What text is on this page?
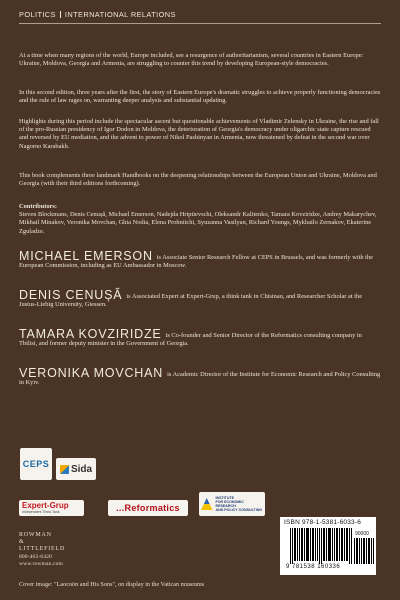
POLITICS INTERNATIONAL RELATIONS

At a time when many regions of the world, Europe included, see a resurgence of authoritarianism, several countries in Eastern Europe: Ukraine, Moldova, Georgia and Armenia, are struggling to counter this trend by developing European-style democracies.

In this second edition, three years after the first, the story of Eastern Europe's dramatic struggles to achieve properly functioning democracies and the rule of law rages on, warranting deeper analysis and substantial updating.

Highlights during this period include the spectacular ascent but questionable achievements of Vladimir Zelensky in Ukraine, the rise and fall of the pro-Russian presidency of Igor Dodon in Moldova, the deterioration of Georgia's democracy under oligarchic state capture rescued and reversed by EU mediation, and the advent to power of Nikol Pashinyan in Armenia, now threatened by defeat in the second war over Nagorno Karabakh.

This book complements three landmark Handbooks on the deepening relationships between the European Union and Ukraine, Moldova and Georgia (with their third editions forthcoming).

Contributors:
Steven Blockmans, Denis Cenușă, Michael Emerson, Nadejda Hriptievschi, Oleksandr Kalitenko, Tamara Kovziridze, Andrey Makarychev, Mikhail Minakov, Veronika Movchan, Ghia Nodia, Elena Prohnitchi, Syuzanna Vasilyan, Richard Youngs, Mykhailo Zernakov, Ekaterine Zguladze.

MICHAEL EMERSON is Associate Senior Research Fellow at CEPS in Brussels, and was formerly with the European Commission, including as EU Ambassador in Moscow.

DENIS CENUȘĂ is Associated Expert at Expert-Grup, a think tank in Chisinau, and Researcher Scholar at the Justus-Liebig University, Giessen.

TAMARA KOVZIRIDZE is Co-founder and Senior Director of the Reformatics consulting company in Tbilisi, and former deputy minister in the Government of Georgia.

VERONIKA MOVCHAN is Academic Director of the Institute for Economic Research and Policy Consulting in Kyiv.

CEPS Sida
Expert-Grup
Independent Think-Tank	...Reformatics
INSTITUTE
FOR ECONOMIC RESEARCH
AND POLICY CONSULTING
ROWMAN
&
LITTLEFIELD
800-462-6420
www.rowman.com
ISBN 978-1-5381-6033-6
90000
9 781538 160336
Cover image: "Laocoön and His Sons", on display in the Vatican museums
